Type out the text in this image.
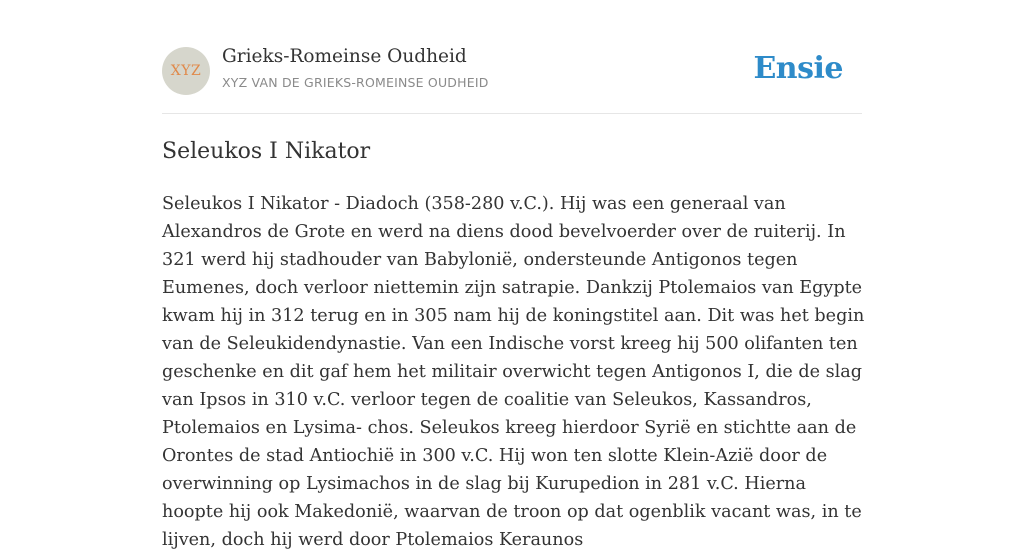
XYZ
Grieks-Romeinse Oudheid
XYZ VAN DE GRIEKS-ROMEINSE OUDHEID	Ensie
Seleukos I Nikator

Seleukos I Nikator - Diadoch (358-280 v.C.). Hij was een generaal van Alexandros de Grote en werd na diens dood bevelvoerder over de ruiterij. In 321 werd hij stadhouder van Babylonië, ondersteunde Antigonos tegen Eumenes, doch verloor niettemin zijn satrapie. Dankzij Ptolemaios van Egypte kwam hij in 312 terug en in 305 nam hij de koningstitel aan. Dit was het begin van de Seleukidendynastie. Van een Indische vorst kreeg hij 500 olifanten ten geschenke en dit gaf hem het militair overwicht tegen Antigonos I, die de slag van Ipsos in 310 v.C. verloor tegen de coalitie van Seleukos, Kassandros, Ptolemaios en Lysima- chos. Seleukos kreeg hierdoor Syrië en stichtte aan de Orontes de stad Antiochië in 300 v.C. Hij won ten slotte Klein-Azië door de overwinning op Lysimachos in de slag bij Kurupedion in 281 v.C. Hierna hoopte hij ook Makedonië, waarvan de troon op dat ogenblik vacant was, in te lijven, doch hij werd door Ptolemaios Keraunos
